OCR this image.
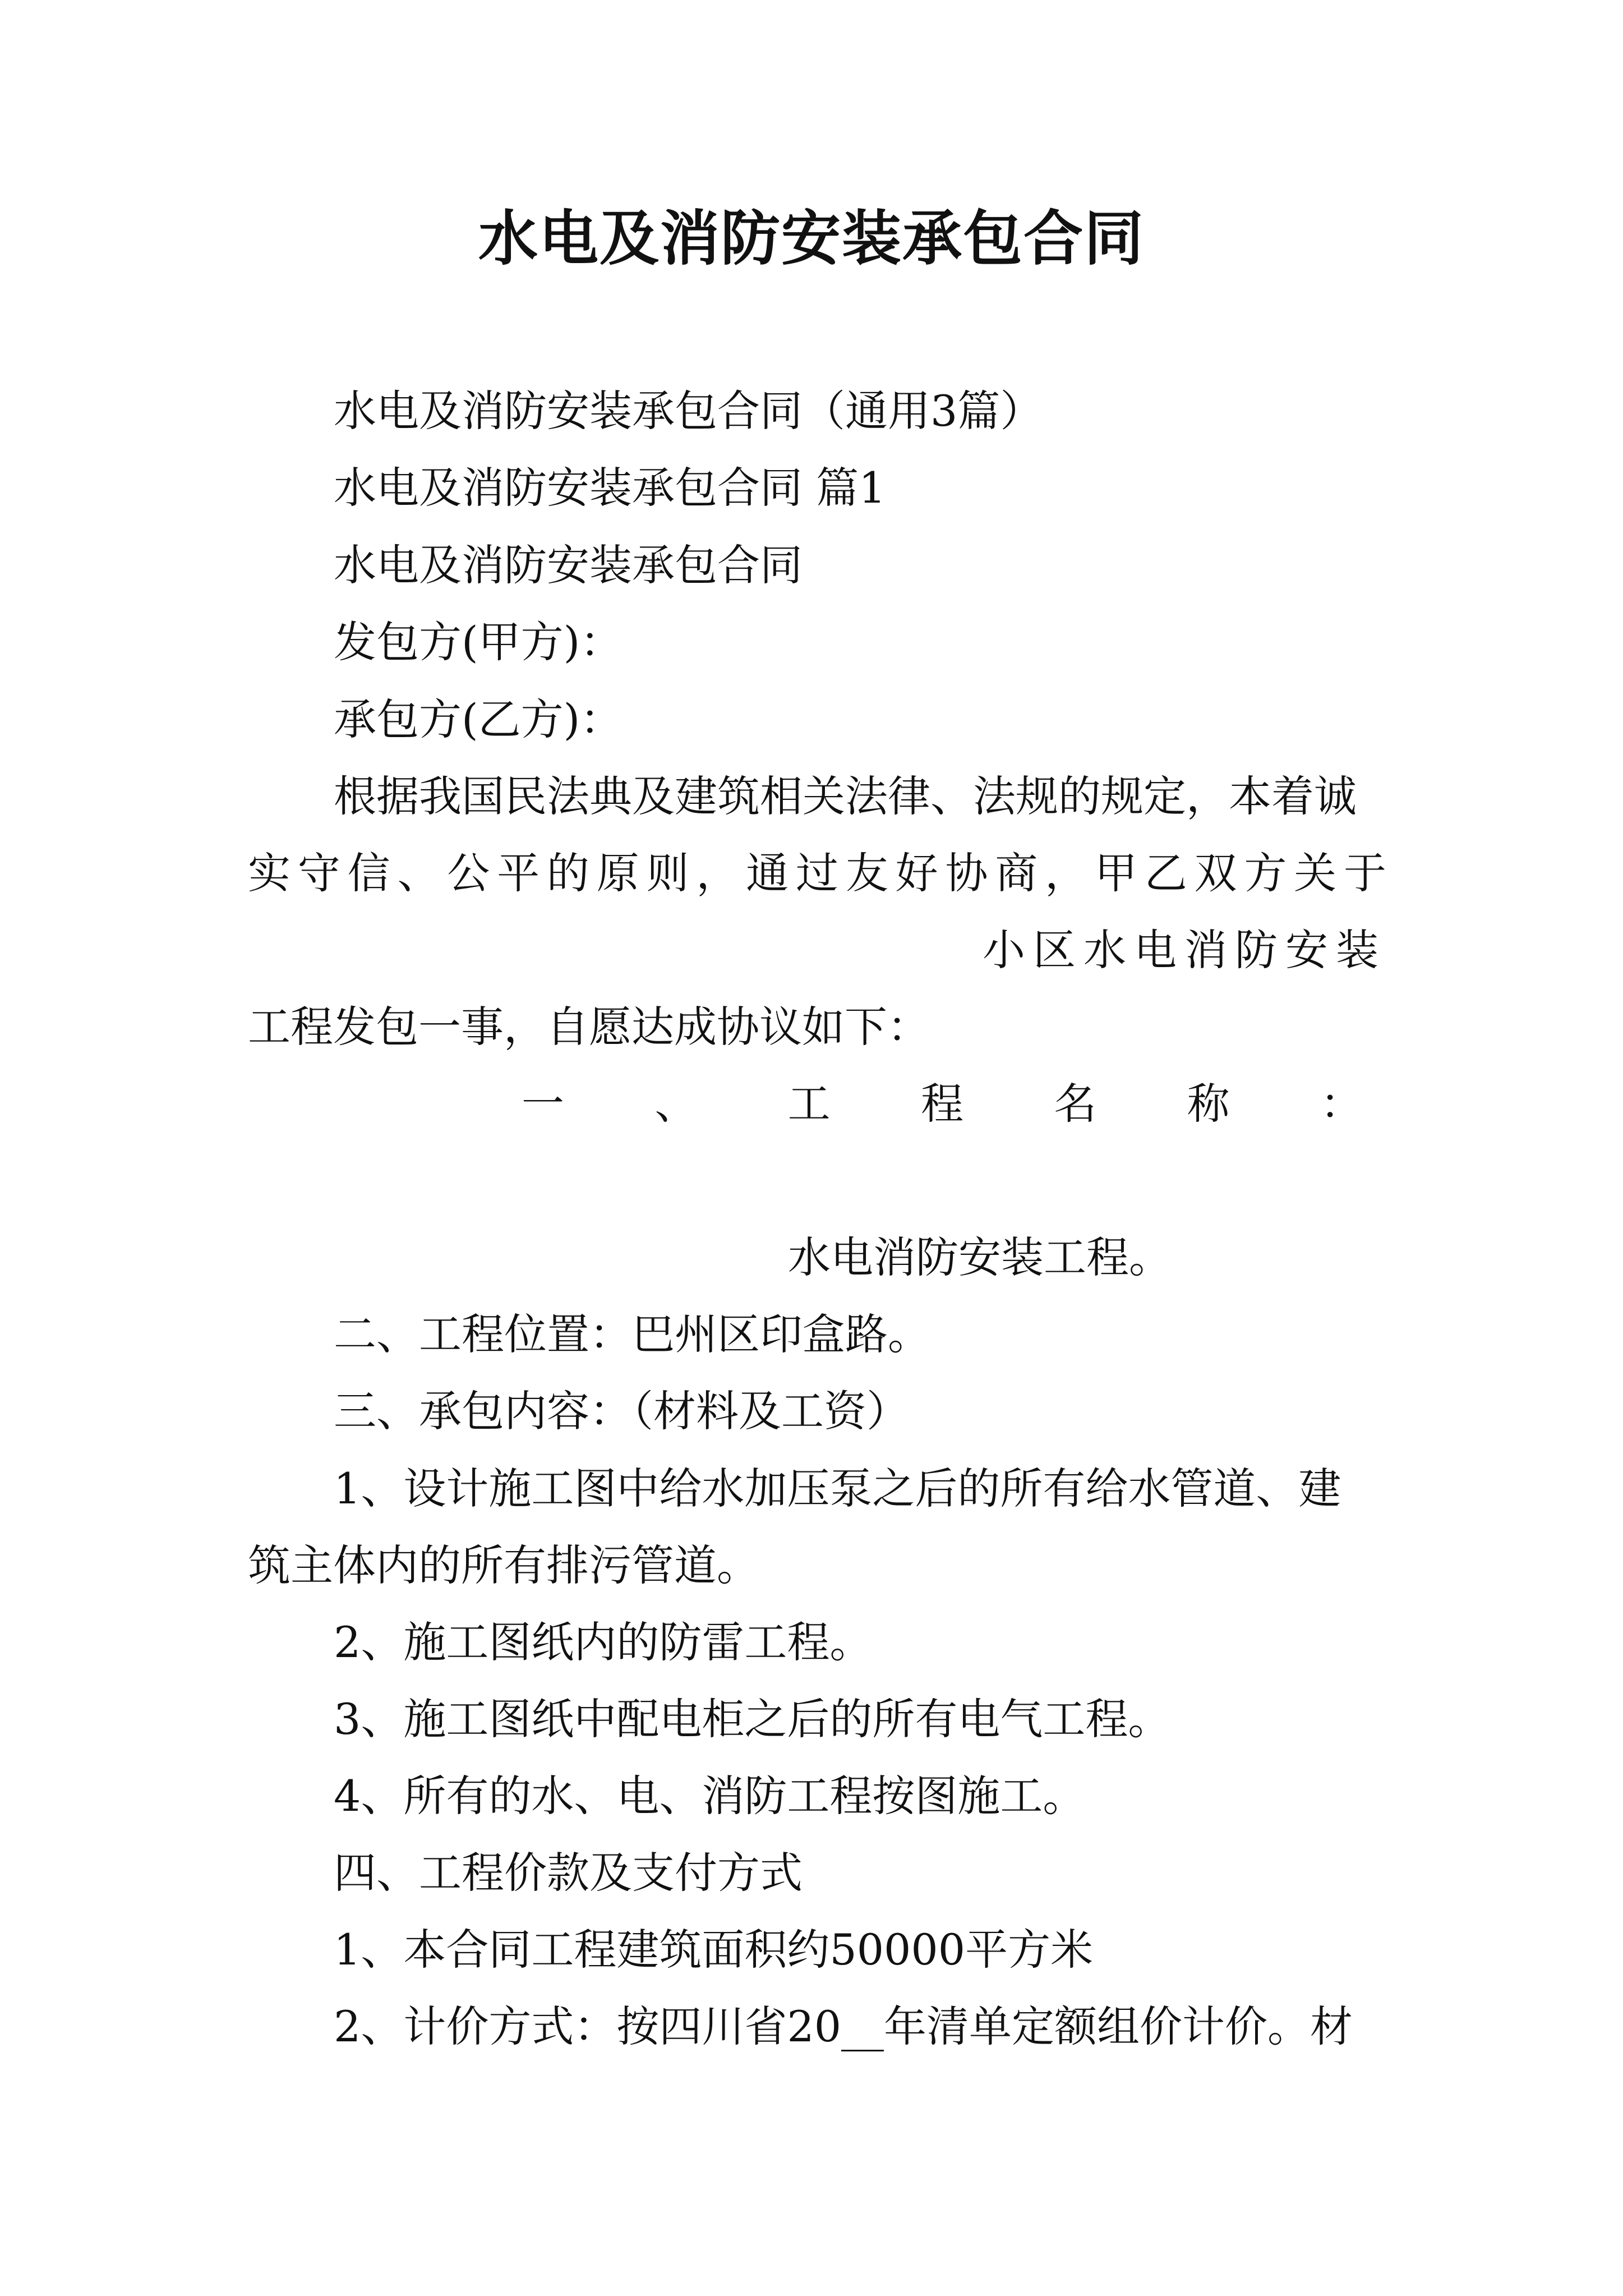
水电及消防安装承包合同
水电及消防安装承包合同（通用3篇）
水电及消防安装承包合同 篇1
水电及消防安装承包合同
发包方(甲方)：
承包方(乙方)：
根据我国民法典及建筑相关法律、法规的规定，本着诚
实守信、公平的原则，通过友好协商，甲乙双方关于
小区水电消防安装
工程发包一事，自愿达成协议如下：
一 、 工 程 名 称 ：
水电消防安装工程。
二、工程位置：巴州区印盒路。
三、承包内容：（材料及工资）
1、设计施工图中给水加压泵之后的所有给水管道、建
筑主体内的所有排污管道。
2、施工图纸内的防雷工程。
3、施工图纸中配电柜之后的所有电气工程。
4、所有的水、电、消防工程按图施工。
四、工程价款及支付方式
1、本合同工程建筑面积约50000平方米
2、计价方式：按四川省20__年清单定额组价计价。材
